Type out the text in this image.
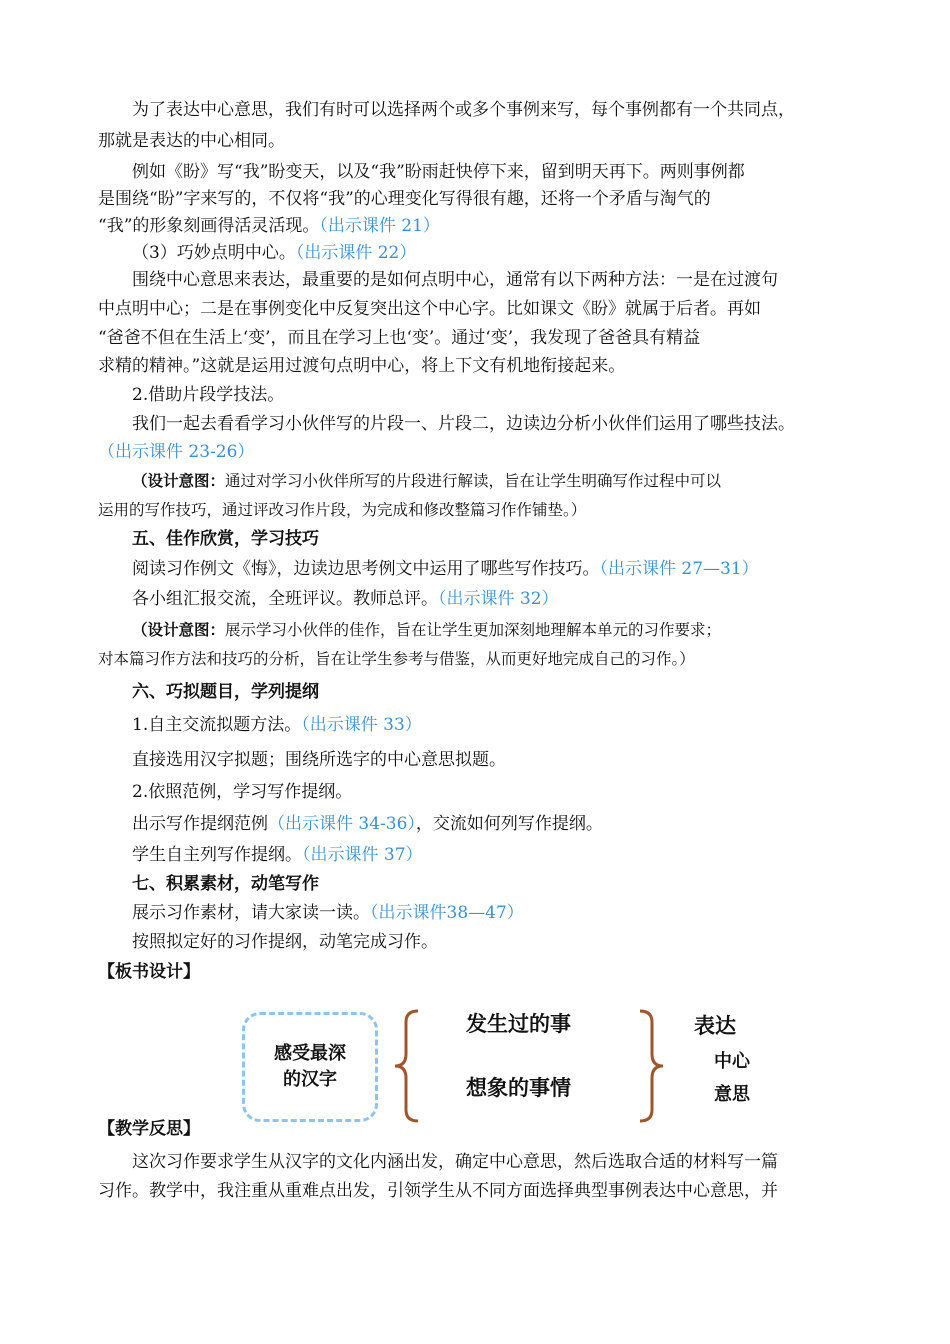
为了表达中心意思，我们有时可以选择两个或多个事例来写，每个事例都有一个共同点，
那就是表达的中心相同。
例如《盼》写“我”盼变天，以及“我”盼雨赶快停下来，留到明天再下。两则事例都
是围绕“盼”字来写的，不仅将“我”的心理变化写得很有趣，还将一个矛盾与淘气的
“我”的形象刻画得活灵活现。（出示课件 21）
（3）巧妙点明中心。（出示课件 22）
围绕中心意思来表达，最重要的是如何点明中心，通常有以下两种方法：一是在过渡句
中点明中心；二是在事例变化中反复突出这个中心字。比如课文《盼》就属于后者。再如
“爸爸不但在生活上‘变’，而且在学习上也‘变’。通过‘变’，我发现了爸爸具有精益
求精的精神。”这就是运用过渡句点明中心，将上下文有机地衔接起来。
2.借助片段学技法。
我们一起去看看学习小伙伴写的片段一、片段二，边读边分析小伙伴们运用了哪些技法。
（出示课件 23-26）
（设计意图：通过对学习小伙伴所写的片段进行解读，旨在让学生明确写作过程中可以
运用的写作技巧，通过评改习作片段，为完成和修改整篇习作作铺垫。）
五、佳作欣赏，学习技巧
阅读习作例文《悔》，边读边思考例文中运用了哪些写作技巧。（出示课件 27—31）
各小组汇报交流，全班评议。教师总评。（出示课件 32）
（设计意图：展示学习小伙伴的佳作，旨在让学生更加深刻地理解本单元的习作要求；
对本篇习作方法和技巧的分析，旨在让学生参考与借鉴，从而更好地完成自己的习作。）
六、巧拟题目，学列提纲
1.自主交流拟题方法。（出示课件 33）
直接选用汉字拟题；围绕所选字的中心意思拟题。
2.依照范例，学习写作提纲。
出示写作提纲范例（出示课件 34-36），交流如何列写作提纲。
学生自主列写作提纲。（出示课件 37）
七、积累素材，动笔写作
展示习作素材，请大家读一读。（出示课件38—47）
按照拟定好的习作提纲，动笔完成习作。
【板书设计】
感受最深
的汉字
发生过的事
想象的事情
表达
中心
意思
【教学反思】
这次习作要求学生从汉字的文化内涵出发，确定中心意思，然后选取合适的材料写一篇
习作。教学中，我注重从重难点出发，引领学生从不同方面选择典型事例表达中心意思，并
